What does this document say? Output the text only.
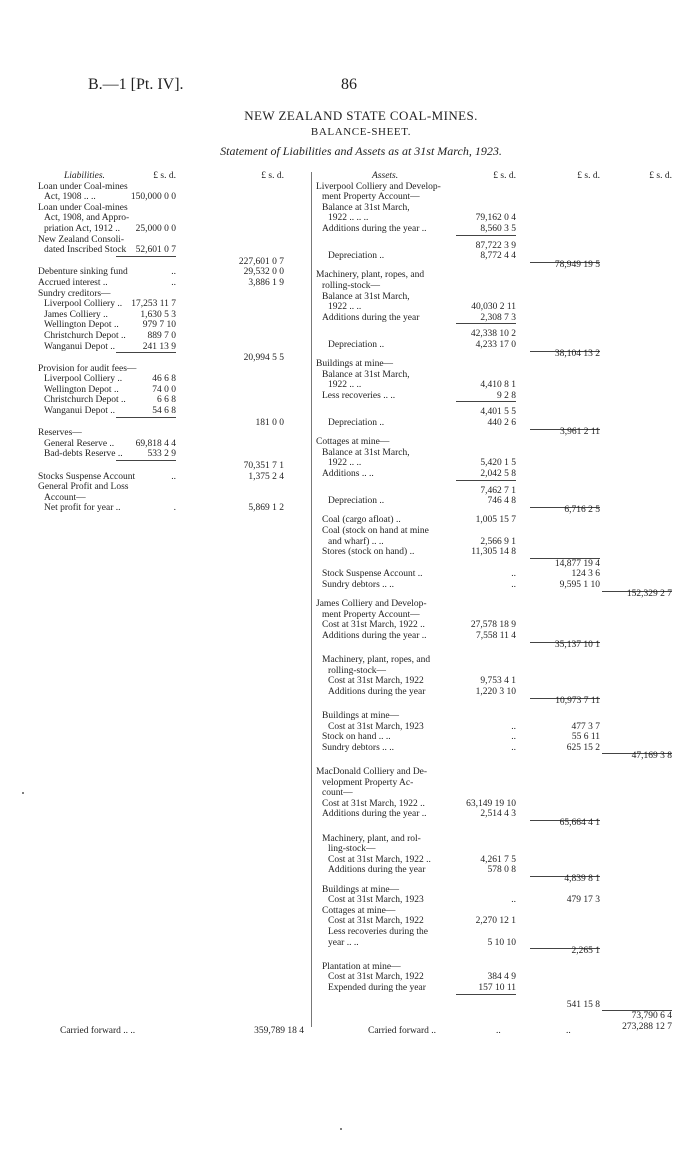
B.—1 [Pt. IV].	86
NEW ZEALAND STATE COAL-MINES.
BALANCE-SHEET.
Statement of Liabilities and Assets as at 31st March, 1923.
Liabilities.	£ s. d.	£ s. d.
Loan under Coal-mines
Act, 1908 .. ..	150,000 0 0
Loan under Coal-mines
Act, 1908, and Appro-
priation Act, 1912 ..	25,000 0 0
New Zealand Consoli-
dated Inscribed Stock 52,601 0 7
227,601 0 7
Debenture sinking fund	..	29,532 0 0
Accrued interest ..	..	3,886 1 9
Sundry creditors—
Liverpool Colliery .. 17,253 11 7
James Colliery ..	1,630 5 3
Wellington Depot ..	979 7 10
Christchurch Depot ..	889 7 0
Wanganui Depot ..	241 13 9
20,994 5 5
Provision for audit fees—
Liverpool Colliery ..	46 6 8
Wellington Depot ..	74 0 0
Christchurch Depot ..	6 6 8
Wanganui Depot ..	54 6 8
181 0 0
Reserves—
General Reserve ..	69,818 4 4
Bad-debts Reserve ..	533 2 9
70,351 7 1
Stocks Suspense Account	..	1,375 2 4
General Profit and Loss
Account—
Net profit for year ..	.	5,869 1 2
Assets.	£ s. d.	£ s. d.	£ s. d.
Liverpool Colliery and Develop-
ment Property Account—
Balance at 31st March,
1922 .. .. ..	79,162 0 4
Additions during the year ..	8,560 3 5
87,722 3 9
Depreciation ..	8,772 4 4
78,949 19 5
Machinery, plant, ropes, and
rolling-stock—
Balance at 31st March,
1922 .. ..	40,030 2 11
Additions during the year	2,308 7 3
42,338 10 2
Depreciation ..	4,233 17 0
38,104 13 2
Buildings at mine—
Balance at 31st March,
1922 .. ..	4,410 8 1
Less recoveries .. ..	9 2 8
4,401 5 5
Depreciation ..	440 2 6
3,961 2 11
Cottages at mine—
Balance at 31st March,
1922 .. ..	5,420 1 5
Additions .. ..	2,042 5 8
7,462 7 1
Depreciation ..	746 4 8
6,716 2 5
Coal (cargo afloat) ..	1,005 15 7
Coal (stock on hand at mine
and wharf) .. ..	2,566 9 1
Stores (stock on hand) ..	11,305 14 8
14,877 19 4
Stock Suspense Account ..	..	124 3 6
Sundry debtors .. ..	..	9,595 1 10
152,329 2 7
James Colliery and Develop-
ment Property Account—
Cost at 31st March, 1922 ..	27,578 18 9
Additions during the year ..	7,558 11 4
35,137 10 1
Machinery, plant, ropes, and
rolling-stock—
Cost at 31st March, 1922	9,753 4 1
Additions during the year	1,220 3 10
10,973 7 11
Buildings at mine—
Cost at 31st March, 1923	..	477 3 7
Stock on hand .. ..	..	55 6 11
Sundry debtors .. ..	..	625 15 2
47,169 3 8
MacDonald Colliery and De-
velopment Property Ac-
count—
Cost at 31st March, 1922 ..	63,149 19 10
Additions during the year ..	2,514 4 3
65,664 4 1
Machinery, plant, and rol-
ling-stock—
Cost at 31st March, 1922 ..	4,261 7 5
Additions during the year	578 0 8
4,839 8 1
Buildings at mine—
Cost at 31st March, 1923	..	479 17 3
Cottages at mine—
Cost at 31st March, 1922	2,270 12 1
Less recoveries during the
year .. ..	5 10 10
2,265 1
Plantation at mine—
Cost at 31st March, 1922	384 4 9
Expended during the year	157 10 11
541 15 8
73,790 6 4
273,288 12 7
Carried forward .. ..	359,789 18 4	Carried forward ..	..	..
